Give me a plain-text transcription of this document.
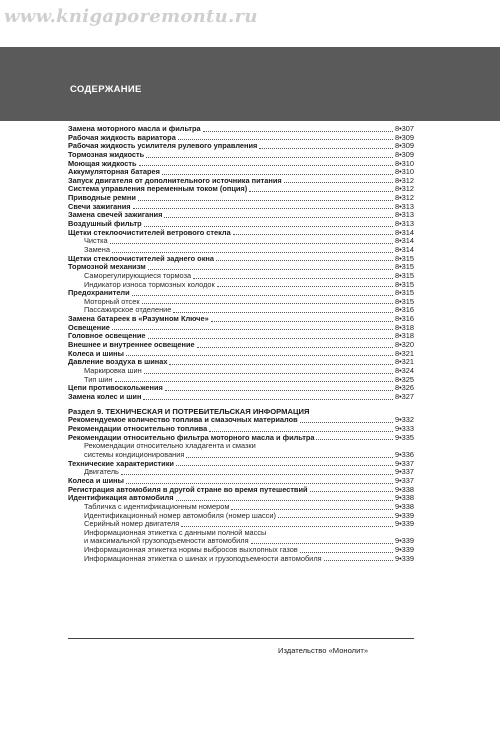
www.knigaporemontu.ru
СОДЕРЖАНИЕ
Замена моторного масла и фильтра	8•307
Рабочая жидкость вариатора	8•309
Рабочая жидкость усилителя рулевого управления	8•309
Тормозная жидкость	8•309
Моющая жидкость	8•310
Аккумуляторная батарея	8•310
Запуск двигателя от дополнительного источника питания	8•312
Система управления переменным током (опция)	8•312
Приводные ремни	8•312
Свечи зажигания	8•313
Замена свечей зажигания	8•313
Воздушный фильтр	8•313
Щетки стеклоочистителей ветрового стекла	8•314
Чистка	8•314
Замена	8•314
Щетки стеклоочистителей заднего окна	8•315
Тормозной механизм	8•315
Саморегулирующиеся тормоза	8•315
Индикатор износа тормозных колодок	8•315
Предохранители	8•315
Моторный отсек	8•315
Пассажирское отделение	8•316
Замена батареек в «Разумном Ключе»	8•316
Освещение	8•318
Головное освещение	8•318
Внешнее и внутреннее освещение	8•320
Колеса и шины	8•321
Давление воздуха в шинах	8•321
Маркировка шин	8•324
Тип шин	8•325
Цепи противоскольжения	8•326
Замена колес и шин	8•327
Раздел 9. ТЕХНИЧЕСКАЯ И ПОТРЕБИТЕЛЬСКАЯ ИНФОРМАЦИЯ
Рекомендуемое количество топлива и смазочных материалов	9•332
Рекомендации относительно топлива	9•333
Рекомендации относительно фильтра моторного масла и фильтра	9•335
Рекомендации относительно хладагента и смазки
системы кондиционирования	9•336
Технические характеристики	9•337
Двигатель	9•337
Колеса и шины	9•337
Регистрация автомобиля в другой стране во время путешествий	9•338
Идентификация автомобиля	9•338
Табличка с идентификационным номером	9•338
Идентификационный номер автомобиля (номер шасси)	9•339
Серийный номер двигателя	9•339
Информационная этикетка с данными полной массы
и максимальной грузоподъемности автомобиля	9•339
Информационная этикетка нормы выбросов выхлопных газов	9•339
Информационная этикетка о шинах и грузоподъемности автомобиля	9•339
Издательство «Монолит»
